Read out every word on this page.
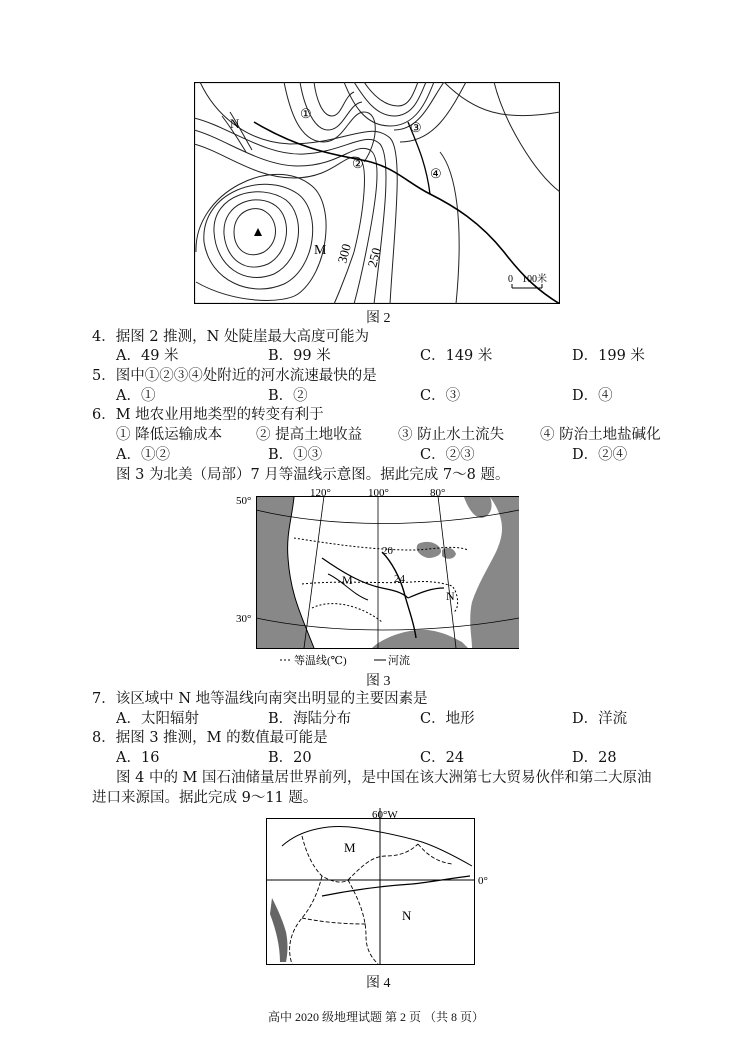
N
M 300 250
①
②
③
④
0 100米
图 2
4．据图 2 推测，N 处陡崖最大高度可能为
A．49 米	B．99 米	C．149 米	D．199 米
5．图中①②③④处附近的河水流速最快的是
A．①	B．②	C．③	D．④
6．M 地农业用地类型的转变有利于
① 降低运输成本 ② 提高土地收益 ③ 防止水土流失 ④ 防治土地盐碱化
A．①②	B．①③	C．②③	D．②④
图 3 为北美（局部）7 月等温线示意图。据此完成 7～8 题。
50°
30°
120°	100°	80°
20
24
M
N
等温线(℃)	河流
图 3
7．该区域中 N 地等温线向南突出明显的主要因素是
A．太阳辐射	B．海陆分布	C．地形	D．洋流
8．据图 3 推测，M 的数值最可能是
A．16	B．20	C．24	D．28
图 4 中的 M 国石油储量居世界前列，是中国在该大洲第七大贸易伙伴和第二大原油
进口来源国。据此完成 9～11 题。
60°W
0°
M
N
图 4
高中 2020 级地理试题 第 2 页 （共 8 页）
